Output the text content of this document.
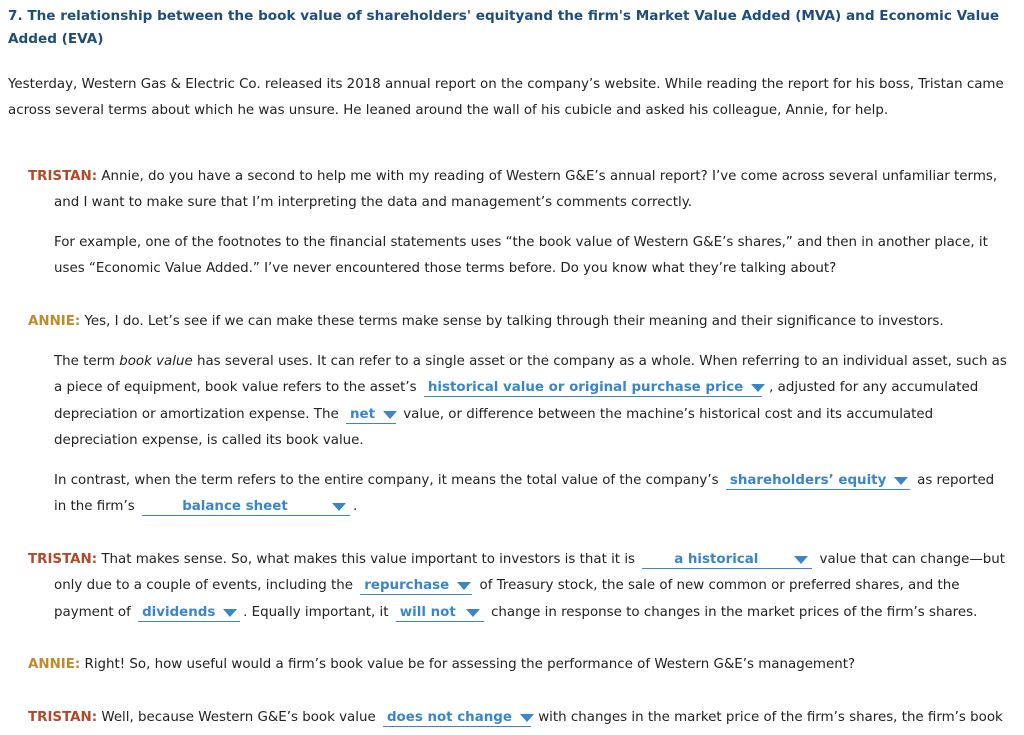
7. The relationship between the book value of shareholders' equityand the firm's Market Value Added (MVA) and Economic Value Added (EVA)
Yesterday, Western Gas & Electric Co. released its 2018 annual report on the company’s website. While reading the report for his boss, Tristan came across several terms about which he was unsure. He leaned around the wall of his cubicle and asked his colleague, Annie, for help.
TRISTAN: Annie, do you have a second to help me with my reading of Western G&E’s annual report? I’ve come across several unfamiliar terms,
and I want to make sure that I’m interpreting the data and management’s comments correctly.
For example, one of the footnotes to the financial statements uses “the book value of Western G&E’s shares,” and then in another place, it uses “Economic Value Added.” I’ve never encountered those terms before. Do you know what they’re talking about?
ANNIE: Yes, I do. Let’s see if we can make these terms make sense by talking through their meaning and their significance to investors.
The term book value has several uses. It can refer to a single asset or the company as a whole. When referring to an individual asset, such as a piece of equipment, book value refers to the asset’s historical value or original purchase price , adjusted for any accumulated depreciation or amortization expense. The net value, or difference between the machine’s historical cost and its accumulated depreciation expense, is called its book value.
In contrast, when the term refers to the entire company, it means the total value of the company’s shareholders’ equity as reported in the firm’s	balance sheet	.
TRISTAN: That makes sense. So, what makes this value important to investors is that it is	a historical	value that can change—but
only due to a couple of events, including the repurchase of Treasury stock, the sale of new common or preferred shares, and the
payment of dividends . Equally important, it will not	change in response to changes in the market prices of the firm’s shares.
ANNIE: Right! So, how useful would a firm’s book value be for assessing the performance of Western G&E’s management?
TRISTAN: Well, because Western G&E’s book value does not change with changes in the market price of the firm’s shares, the firm’s book
